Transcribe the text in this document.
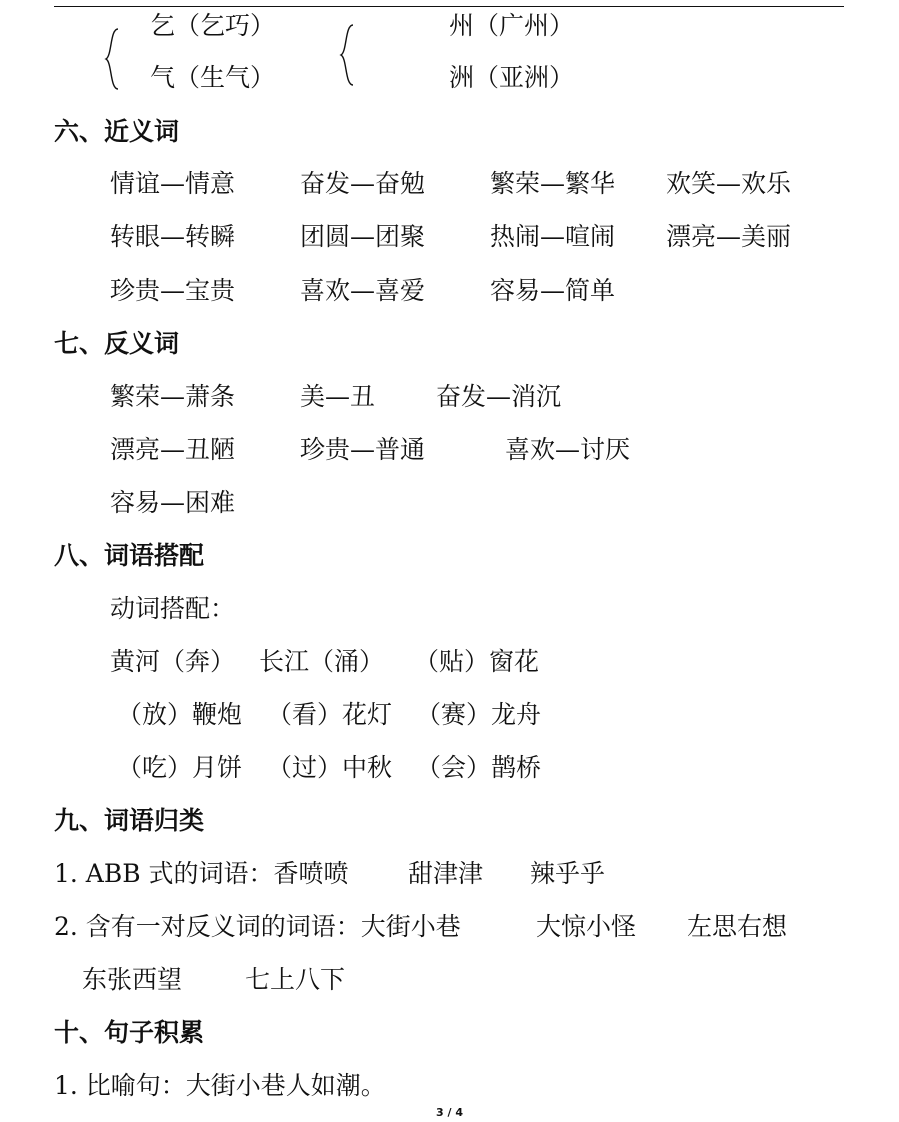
乞（乞巧）
气（生气）
州（广州）
洲（亚洲）
六、近义词
情谊—情意	奋发—奋勉	繁荣—繁华 欢笑—欢乐
转眼—转瞬	团圆—团聚	热闹—喧闹 漂亮—美丽
珍贵—宝贵	喜欢—喜爱	容易—简单
七、反义词
繁荣—萧条	美—丑 奋发—消沉
漂亮—丑陋	珍贵—普通	喜欢—讨厌
容易—困难
八、词语搭配
动词搭配：
黄河（奔） 长江（涌） （贴）窗花
（放）鞭炮 （看）花灯 （赛）龙舟
（吃）月饼 （过）中秋 （会）鹊桥
九、词语归类
1. ABB 式的词语：香喷喷 甜津津 辣乎乎
2. 含有一对反义词的词语：大街小巷	大惊小怪 左思右想
东张西望	七上八下
十、句子积累
1. 比喻句：大街小巷人如潮。
3 / 4
